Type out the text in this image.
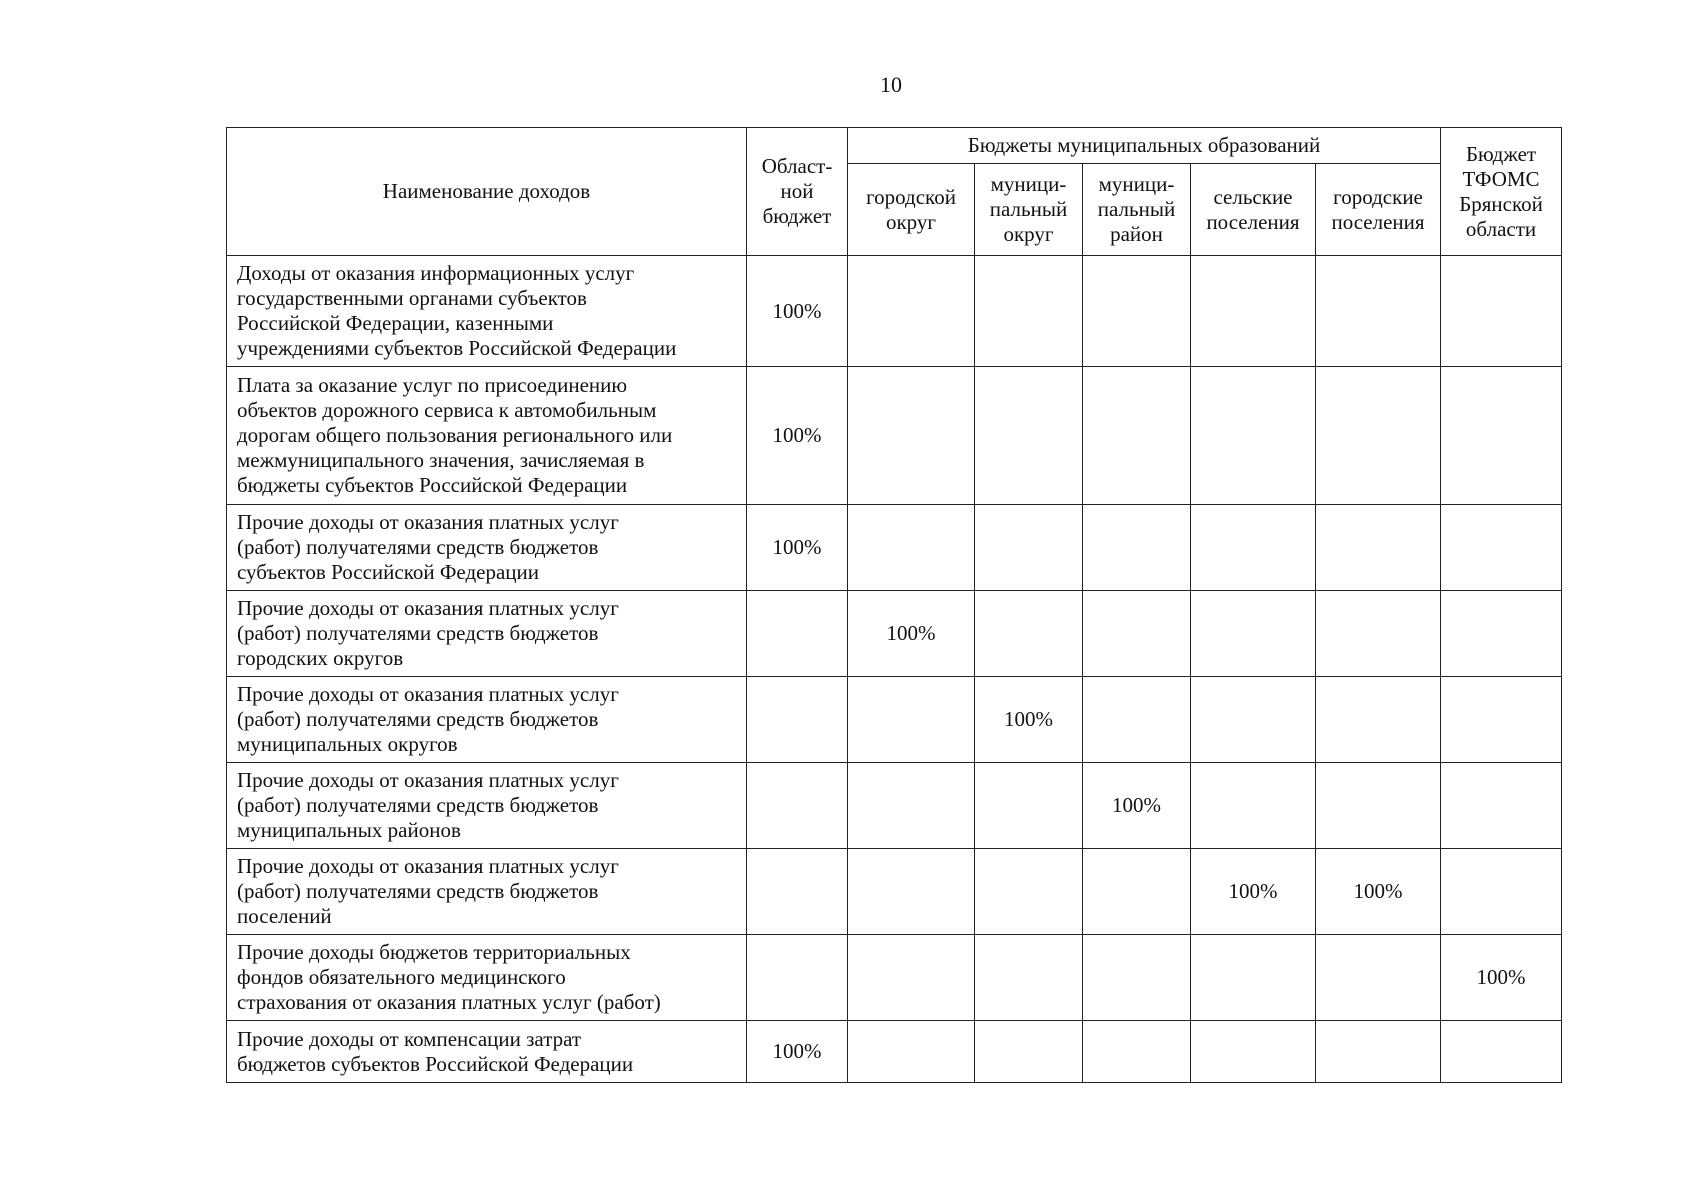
10
Наименование доходов	Област-
ной
бюджет	Бюджеты муниципальных образований					Бюджет
ТФОМС
Брянской
области

		городской
округ	муници-
пальный
округ	муници-
пальный
район	сельские
поселения	городские
поселения	

Доходы от оказания информационных услуг
государственными органами субъектов
Российской Федерации, казенными
учреждениями субъектов Российской Федерации	100%						

Плата за оказание услуг по присоединению
объектов дорожного сервиса к автомобильным
дорогам общего пользования регионального или
межмуниципального значения, зачисляемая в
бюджеты субъектов Российской Федерации	100%						

Прочие доходы от оказания платных услуг
(работ) получателями средств бюджетов
субъектов Российской Федерации	100%						

Прочие доходы от оказания платных услуг
(работ) получателями средств бюджетов
городских округов		100%					

Прочие доходы от оказания платных услуг
(работ) получателями средств бюджетов
муниципальных округов			100%				

Прочие доходы от оказания платных услуг
(работ) получателями средств бюджетов
муниципальных районов				100%			

Прочие доходы от оказания платных услуг
(работ) получателями средств бюджетов
поселений					100%	100%	

Прочие доходы бюджетов территориальных
фондов обязательного медицинского
страхования от оказания платных услуг (работ)							100%

Прочие доходы от компенсации затрат
бюджетов субъектов Российской Федерации	100%						
